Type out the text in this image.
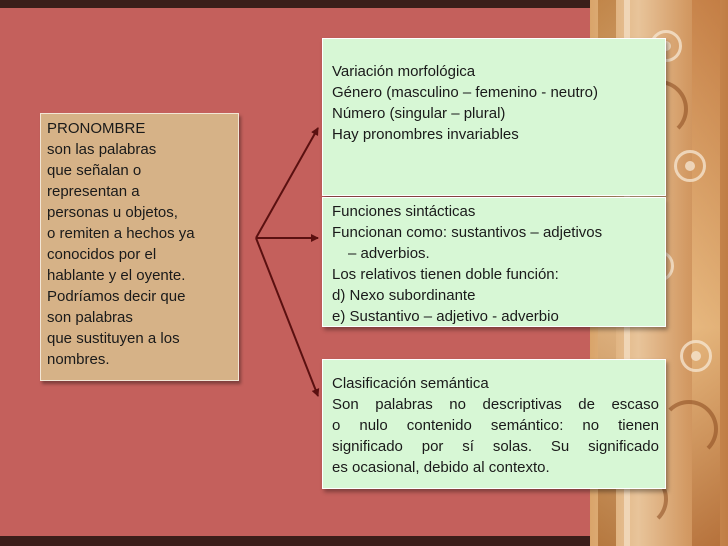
PRONOMBRE
son las palabras
que señalan o
representan a
personas u objetos,
o remiten a hechos ya
conocidos por el
hablante y el oyente.
Podríamos decir que
son palabras
que sustituyen a los
nombres.
Variación morfológica
Género (masculino – femenino - neutro)
Número (singular – plural)
Hay pronombres invariables
Funciones sintácticas
Funcionan como: sustantivos – adjetivos
– adverbios.
Los relativos tienen doble función:
d) Nexo subordinante
e) Sustantivo – adjetivo - adverbio
Clasificación semántica
Son palabras no descriptivas de escaso
o nulo contenido semántico: no tienen
significado por sí solas. Su significado
es ocasional, debido al contexto.
